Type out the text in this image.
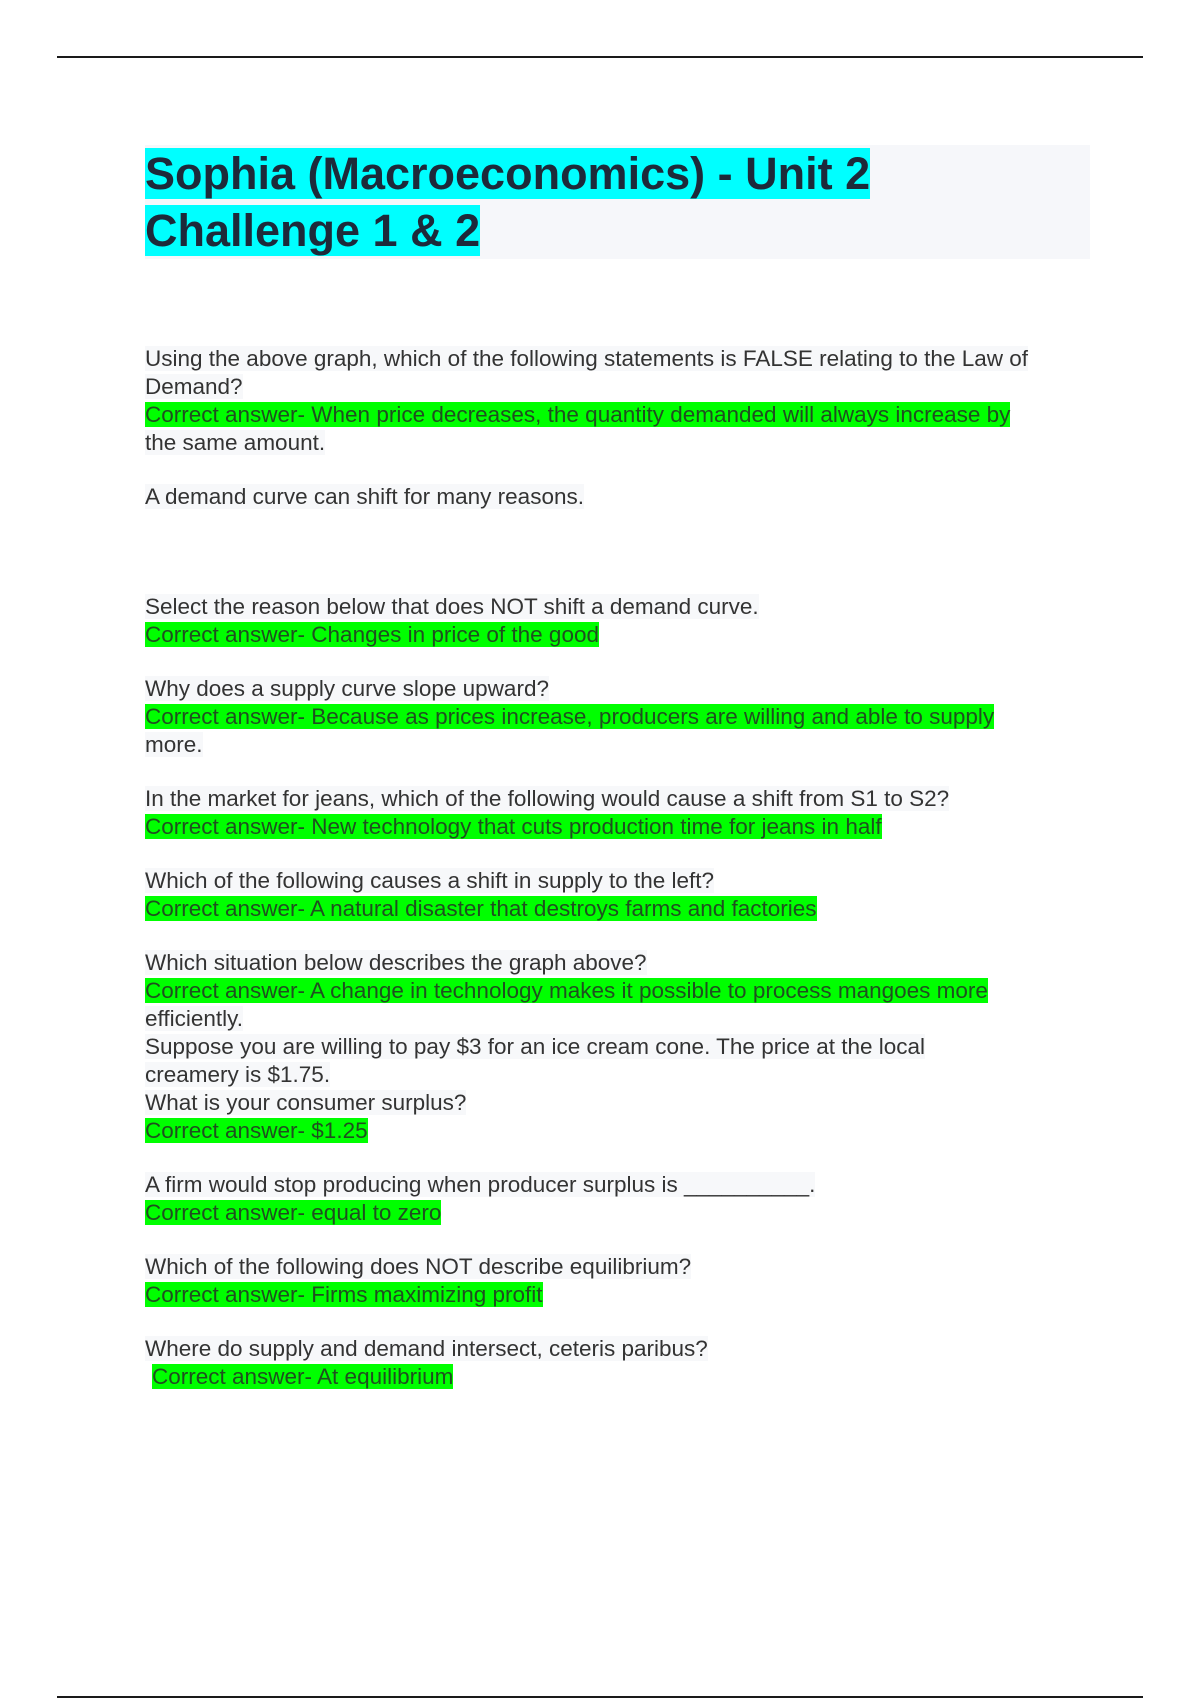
Sophia (Macroeconomics) - Unit 2
Challenge 1 & 2
Using the above graph, which of the following statements is FALSE relating to the Law of Demand?
Correct answer- When price decreases, the quantity demanded will always increase by
the same amount.
A demand curve can shift for many reasons.
Select the reason below that does NOT shift a demand curve.
Correct answer- Changes in price of the good
Why does a supply curve slope upward?
Correct answer- Because as prices increase, producers are willing and able to supply
more.
In the market for jeans, which of the following would cause a shift from S1 to S2?
Correct answer- New technology that cuts production time for jeans in half
Which of the following causes a shift in supply to the left?
Correct answer- A natural disaster that destroys farms and factories
Which situation below describes the graph above?
Correct answer- A change in technology makes it possible to process mangoes more
efficiently.
Suppose you are willing to pay $3 for an ice cream cone. The price at the local
creamery is $1.75.
What is your consumer surplus?
Correct answer- $1.25
A firm would stop producing when producer surplus is __________.
Correct answer- equal to zero
Which of the following does NOT describe equilibrium?
Correct answer- Firms maximizing profit
Where do supply and demand intersect, ceteris paribus?
Correct answer- At equilibrium
